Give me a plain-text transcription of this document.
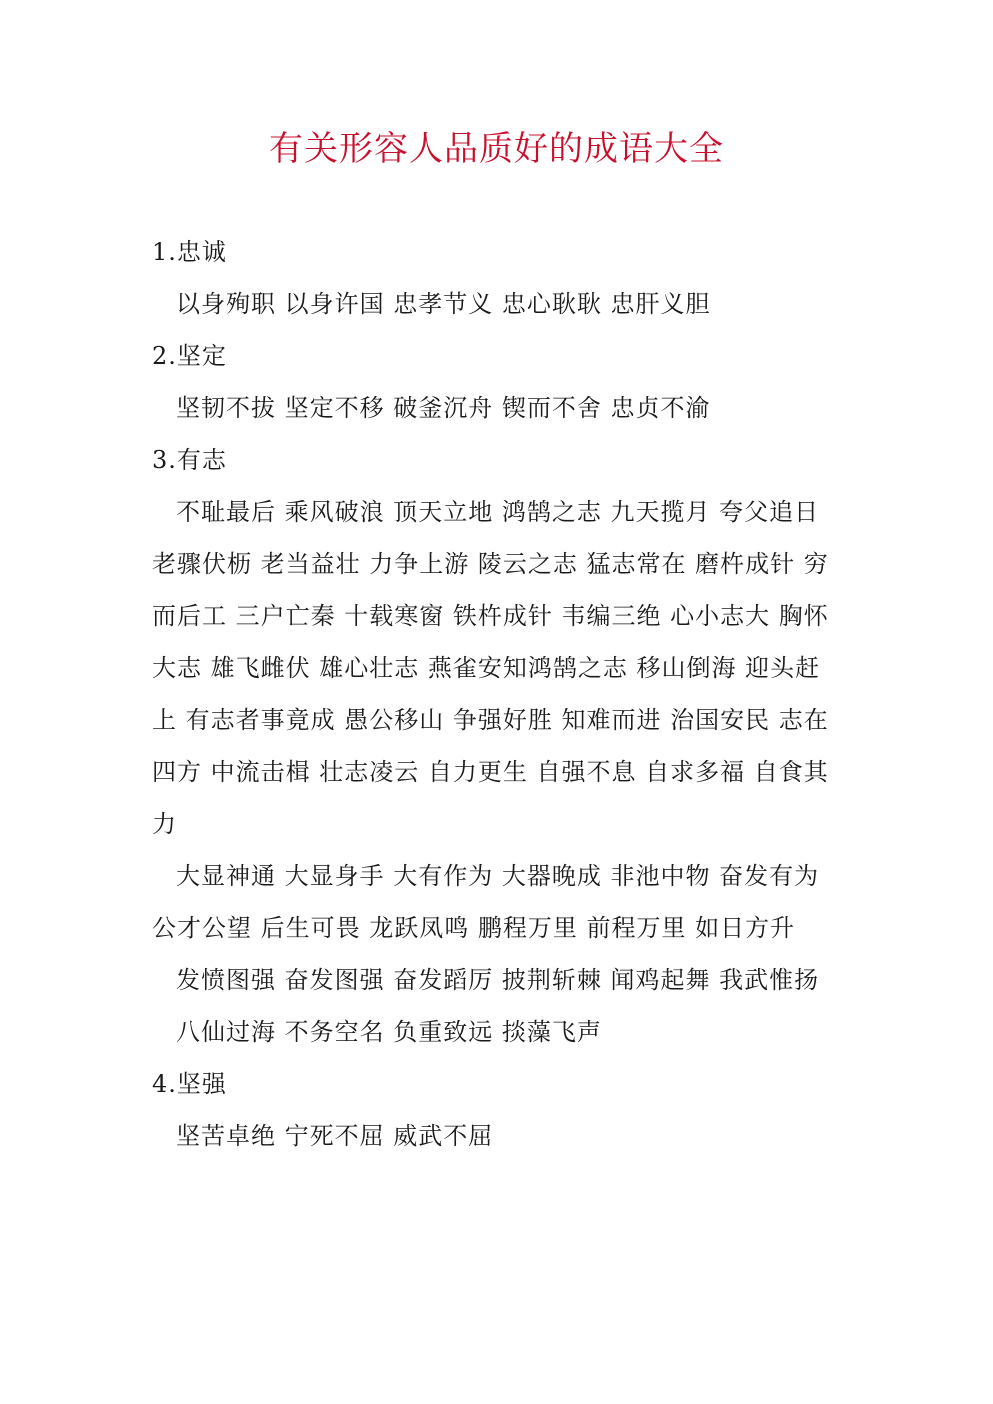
有关形容人品质好的成语大全

1.忠诚

以身殉职 以身许国 忠孝节义 忠心耿耿 忠肝义胆

2.坚定

坚韧不拔 坚定不移 破釜沉舟 锲而不舍 忠贞不渝

3.有志

不耻最后 乘风破浪 顶天立地 鸿鹄之志 九天揽月 夸父追日 老骤伏枥 老当益壮 力争上游 陵云之志 猛志常在 磨杵成针 穷而后工 三户亡秦 十载寒窗 铁杵成针 韦编三绝 心小志大 胸怀大志 雄飞雌伏 雄心壮志 燕雀安知鸿鹄之志 移山倒海 迎头赶上 有志者事竟成 愚公移山 争强好胜 知难而进 治国安民 志在四方 中流击楫 壮志凌云 自力更生 自强不息 自求多福 自食其力

大显神通 大显身手 大有作为 大器晚成 非池中物 奋发有为 公才公望 后生可畏 龙跃凤鸣 鹏程万里 前程万里 如日方升

发愤图强 奋发图强 奋发蹈厉 披荆斩棘 闻鸡起舞 我武惟扬

八仙过海 不务空名 负重致远 掞藻飞声

4.坚强

坚苦卓绝 宁死不屈 威武不屈
